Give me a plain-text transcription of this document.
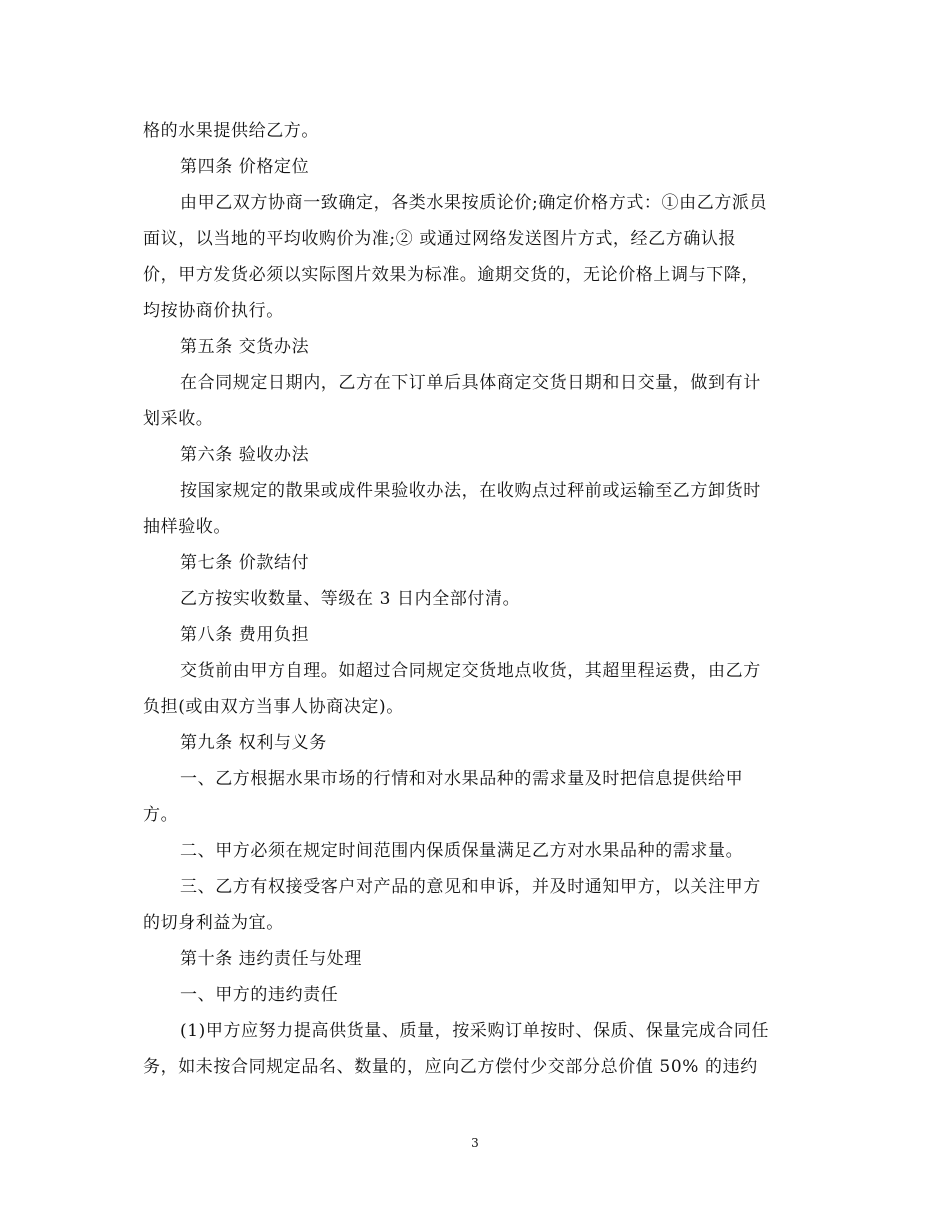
格的水果提供给乙方。
第四条 价格定位
由甲乙双方协商一致确定，各类水果按质论价;确定价格方式：①由乙方派员
面议，以当地的平均收购价为准;② 或通过网络发送图片方式，经乙方确认报
价，甲方发货必须以实际图片效果为标准。逾期交货的，无论价格上调与下降，
均按协商价执行。
第五条 交货办法
在合同规定日期内，乙方在下订单后具体商定交货日期和日交量，做到有计
划采收。
第六条 验收办法
按国家规定的散果或成件果验收办法，在收购点过秤前或运输至乙方卸货时
抽样验收。
第七条 价款结付
乙方按实收数量、等级在 3 日内全部付清。
第八条 费用负担
交货前由甲方自理。如超过合同规定交货地点收货，其超里程运费，由乙方
负担(或由双方当事人协商决定)。
第九条 权利与义务
一、乙方根据水果市场的行情和对水果品种的需求量及时把信息提供给甲
方。
二、甲方必须在规定时间范围内保质保量满足乙方对水果品种的需求量。
三、乙方有权接受客户对产品的意见和申诉，并及时通知甲方，以关注甲方
的切身利益为宜。
第十条 违约责任与处理
一、甲方的违约责任
(1)甲方应努力提高供货量、质量，按采购订单按时、保质、保量完成合同任
务，如未按合同规定品名、数量的，应向乙方偿付少交部分总价值 50% 的违约
3
